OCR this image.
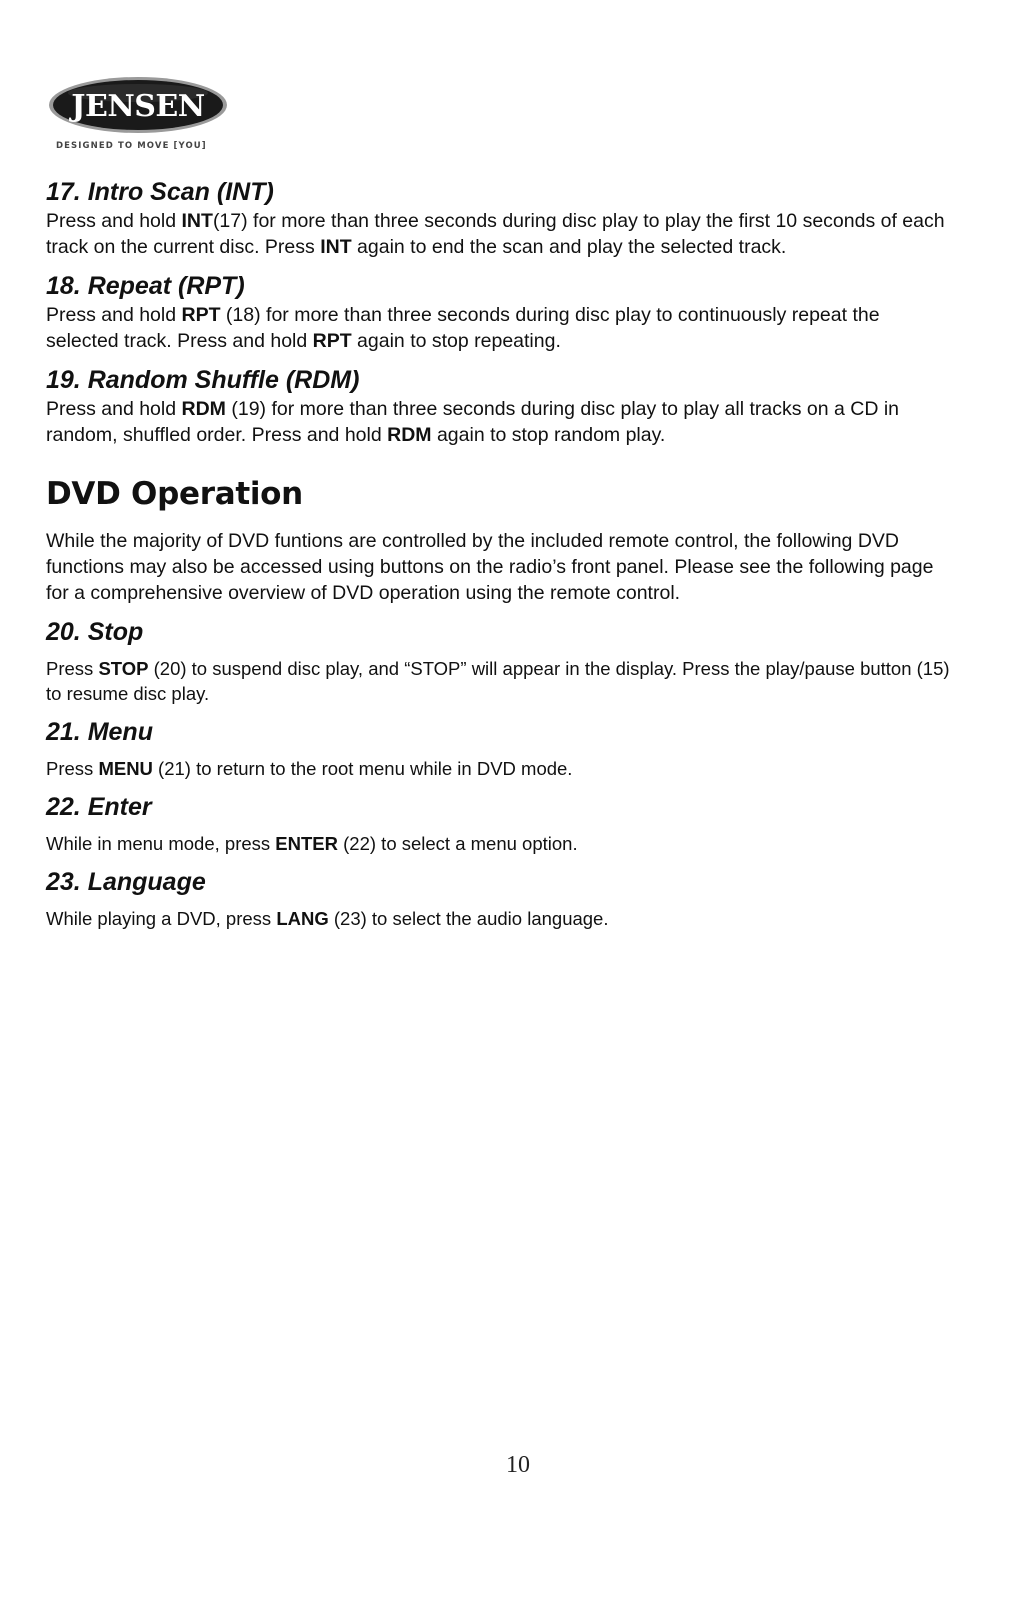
JENSEN
DESIGNED TO MOVE [YOU]
17. Intro Scan (INT)

Press and hold INT(17) for more than three seconds during disc play to play the first 10 seconds of each track on the current disc. Press INT again to end the scan and play the selected track.

18. Repeat (RPT)

Press and hold RPT (18) for more than three seconds during disc play to continuously repeat the selected track. Press and hold RPT again to stop repeating.

19. Random Shuffle (RDM)

Press and hold RDM (19) for more than three seconds during disc play to play all tracks on a CD in random, shuffled order. Press and hold RDM again to stop random play.

DVD Operation

While the majority of DVD funtions are controlled by the included remote control, the following DVD functions may also be accessed using buttons on the radio’s front panel. Please see the following page for a comprehensive overview of DVD operation using the remote control.

20. Stop

Press STOP (20) to suspend disc play, and “STOP” will appear in the display. Press the play/pause button (15) to resume disc play.

21. Menu

Press MENU (21) to return to the root menu while in DVD mode.

22. Enter

While in menu mode, press ENTER (22) to select a menu option.

23. Language

While playing a DVD, press LANG (23) to select the audio language.

10
